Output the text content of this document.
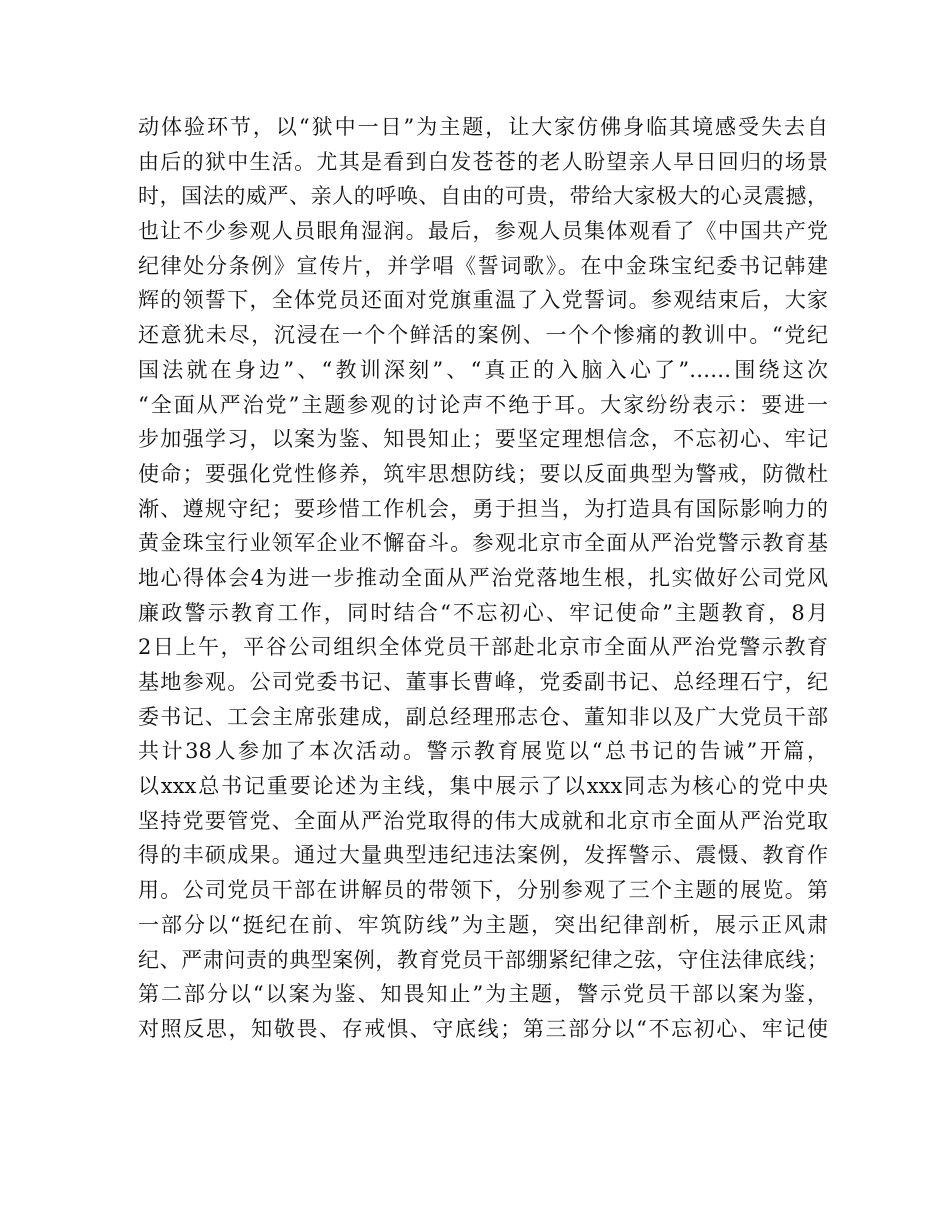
动体验环节，以“狱中一日”为主题，让大家仿佛身临其境感受失去自
由后的狱中生活。尤其是看到白发苍苍的老人盼望亲人早日回归的场景
时，国法的威严、亲人的呼唤、自由的可贵，带给大家极大的心灵震撼，
也让不少参观人员眼角湿润。最后，参观人员集体观看了《中国共产党
纪律处分条例》宣传片，并学唱《誓词歌》。在中金珠宝纪委书记韩建
辉的领誓下，全体党员还面对党旗重温了入党誓词。参观结束后，大家
还意犹未尽，沉浸在一个个鲜活的案例、一个个惨痛的教训中。“党纪
国法就在身边”、“教训深刻”、“真正的入脑入心了”……围绕这次
“全面从严治党”主题参观的讨论声不绝于耳。大家纷纷表示：要进一
步加强学习，以案为鉴、知畏知止；要坚定理想信念，不忘初心、牢记
使命；要强化党性修养，筑牢思想防线；要以反面典型为警戒，防微杜
渐、遵规守纪；要珍惜工作机会，勇于担当，为打造具有国际影响力的
黄金珠宝行业领军企业不懈奋斗。参观北京市全面从严治党警示教育基
地心得体会4为进一步推动全面从严治党落地生根，扎实做好公司党风
廉政警示教育工作，同时结合“不忘初心、牢记使命”主题教育，8月
2日上午，平谷公司组织全体党员干部赴北京市全面从严治党警示教育
基地参观。公司党委书记、董事长曹峰，党委副书记、总经理石宁，纪
委书记、工会主席张建成，副总经理邢志仓、董知非以及广大党员干部
共计38人参加了本次活动。警示教育展览以“总书记的告诫”开篇，
以xxx总书记重要论述为主线，集中展示了以xxx同志为核心的党中央
坚持党要管党、全面从严治党取得的伟大成就和北京市全面从严治党取
得的丰硕成果。通过大量典型违纪违法案例，发挥警示、震慑、教育作
用。公司党员干部在讲解员的带领下，分别参观了三个主题的展览。第
一部分以“挺纪在前、牢筑防线”为主题，突出纪律剖析，展示正风肃
纪、严肃问责的典型案例，教育党员干部绷紧纪律之弦，守住法律底线；
第二部分以“以案为鉴、知畏知止”为主题，警示党员干部以案为鉴，
对照反思，知敬畏、存戒惧、守底线；第三部分以“不忘初心、牢记使
